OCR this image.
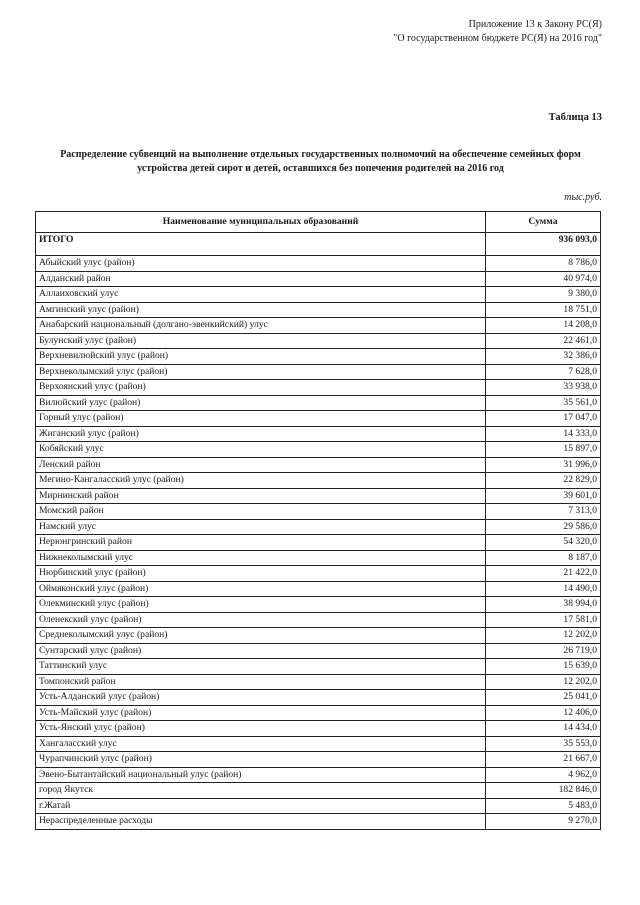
Приложение 13 к Закону РС(Я)
"О государственном бюджете РС(Я) на 2016 год"
Таблица 13
Распределение субвенций на выполнение отдельных государственных полномочий на обеспечение семейных форм
устройства детей сирот и детей, оставшихся без попечения родителей на 2016 год
тыс.руб.
Наименование муниципальных образований	Сумма
ИТОГО	936 093,0
Абыйский улус (район)	8 786,0
Алданский район	40 974,0
Аллаиховский улус	9 380,0
Амгинский улус (район)	18 751,0
Анабарский национальный (долгано-эвенкийский) улус	14 208,0
Булунский улус (район)	22 461,0
Верхневилюйский улус (район)	32 386,0
Верхнеколымский улус (район)	7 628,0
Верхоянский улус (район)	33 938,0
Вилюйский улус (район)	35 561,0
Горный улус (район)	17 047,0
Жиганский улус (район)	14 333,0
Кобяйский улус	15 897,0
Ленский район	31 996,0
Мегино-Кангаласский улус (район)	22 829,0
Мирнинский район	39 601,0
Момский район	7 313,0
Намский улус	29 586,0
Нерюнгринский район	54 320,0
Нижнеколымский улус	8 187,0
Нюрбинский улус (район)	21 422,0
Оймяконский улус (район)	14 490,0
Олекминский улус (район)	38 994,0
Оленекский улус (район)	17 581,0
Среднеколымский улус (район)	12 202,0
Сунтарский улус (район)	26 719,0
Таттинский улус	15 639,0
Томпонский район	12 202,0
Усть-Алданский улус (район)	25 041,0
Усть-Майский улус (район)	12 406,0
Усть-Янский улус (район)	14 434,0
Хангаласский улус	35 553,0
Чурапчинский улус (район)	21 667,0
Эвено-Бытантайский национальный улус (район)	4 962,0
город Якутск	182 846,0
г.Жатай	5 483,0
Нераспределенные расходы	9 270,0
